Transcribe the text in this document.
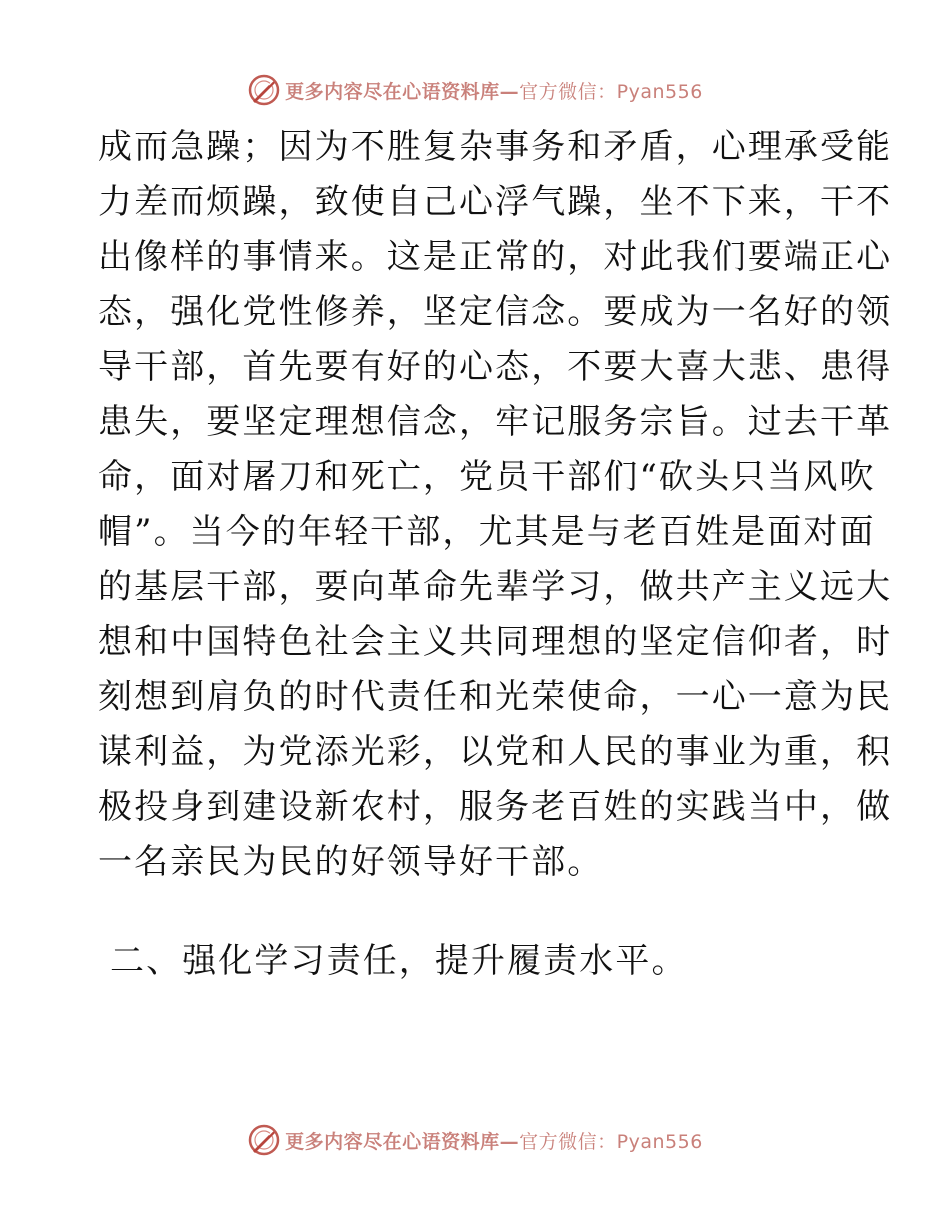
更多内容尽在心语资料库—官方微信：Pyan556
成而急躁；因为不胜复杂事务和矛盾，心理承受能
力差而烦躁，致使自己心浮气躁，坐不下来，干不
出像样的事情来。这是正常的，对此我们要端正心
态，强化党性修养，坚定信念。要成为一名好的领
导干部，首先要有好的心态，不要大喜大悲、患得
患失，要坚定理想信念，牢记服务宗旨。过去干革
命，面对屠刀和死亡，党员干部们“砍头只当风吹
帽”。当今的年轻干部，尤其是与老百姓是面对面
的基层干部，要向革命先辈学习，做共产主义远大
想和中国特色社会主义共同理想的坚定信仰者，时
刻想到肩负的时代责任和光荣使命，一心一意为民
谋利益，为党添光彩，以党和人民的事业为重，积
极投身到建设新农村，服务老百姓的实践当中，做
一名亲民为民的好领导好干部。
二、强化学习责任，提升履责水平。
更多内容尽在心语资料库—官方微信：Pyan556
